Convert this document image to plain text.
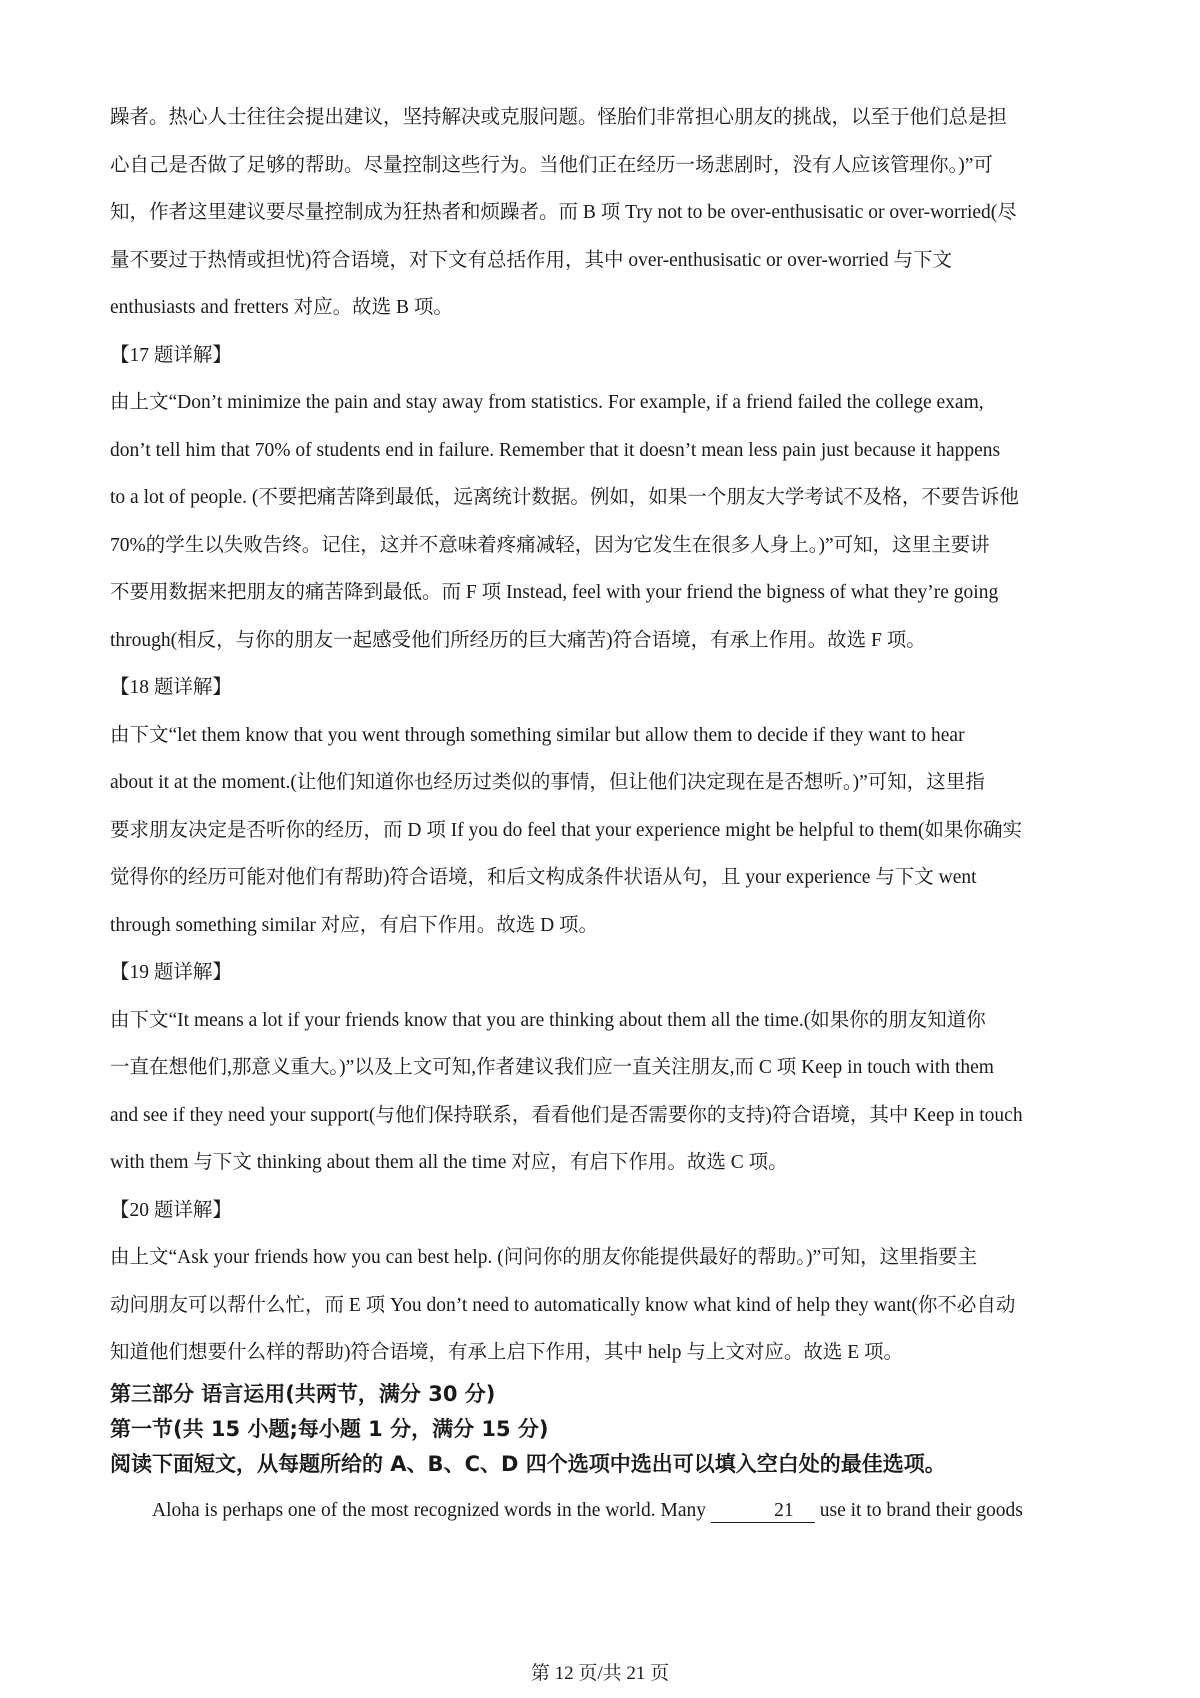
躁者。热心人士往往会提出建议，坚持解决或克服问题。怪胎们非常担心朋友的挑战，以至于他们总是担
心自己是否做了足够的帮助。尽量控制这些行为。当他们正在经历一场悲剧时，没有人应该管理你。)”可
知，作者这里建议要尽量控制成为狂热者和烦躁者。而 B 项 Try not to be over-enthusisatic or over-worried(尽
量不要过于热情或担忧)符合语境，对下文有总括作用，其中 over-enthusisatic or over-worried 与下文
enthusiasts and fretters 对应。故选 B 项。

【17 题详解】

由上文“Don’t minimize the pain and stay away from statistics. For example, if a friend failed the college exam,
don’t tell him that 70% of students end in failure. Remember that it doesn’t mean less pain just because it happens
to a lot of people. (不要把痛苦降到最低，远离统计数据。例如，如果一个朋友大学考试不及格，不要告诉他
70%的学生以失败告终。记住，这并不意味着疼痛减轻，因为它发生在很多人身上。)”可知，这里主要讲
不要用数据来把朋友的痛苦降到最低。而 F 项 Instead, feel with your friend the bigness of what they’re going
through(相反，与你的朋友一起感受他们所经历的巨大痛苦)符合语境，有承上作用。故选 F 项。

【18 题详解】

由下文“let them know that you went through something similar but allow them to decide if they want to hear
about it at the moment.(让他们知道你也经历过类似的事情，但让他们决定现在是否想听。)”可知，这里指
要求朋友决定是否听你的经历，而 D 项 If you do feel that your experience might be helpful to them(如果你确实
觉得你的经历可能对他们有帮助)符合语境，和后文构成条件状语从句，且 your experience 与下文 went
through something similar 对应，有启下作用。故选 D 项。

【19 题详解】

由下文“It means a lot if your friends know that you are thinking about them all the time.(如果你的朋友知道你
一直在想他们,那意义重大。)”以及上文可知,作者建议我们应一直关注朋友,而 C 项 Keep in touch with them
and see if they need your support(与他们保持联系，看看他们是否需要你的支持)符合语境，其中 Keep in touch
with them 与下文 thinking about them all the time 对应，有启下作用。故选 C 项。

【20 题详解】

由上文“Ask your friends how you can best help. (问问你的朋友你能提供最好的帮助。)”可知，这里指要主
动问朋友可以帮什么忙，而 E 项 You don’t need to automatically know what kind of help they want(你不必自动
知道他们想要什么样的帮助)符合语境，有承上启下作用，其中 help 与上文对应。故选 E 项。

第三部分 语言运用(共两节，满分 30 分)

第一节(共 15 小题;每小题 1 分，满分 15 分)

阅读下面短文，从每题所给的 A、B、C、D 四个选项中选出可以填入空白处的最佳选项。

Aloha is perhaps one of the most recognized words in the world. Many	21 use it to brand their goods

第 12 页/共 21 页
